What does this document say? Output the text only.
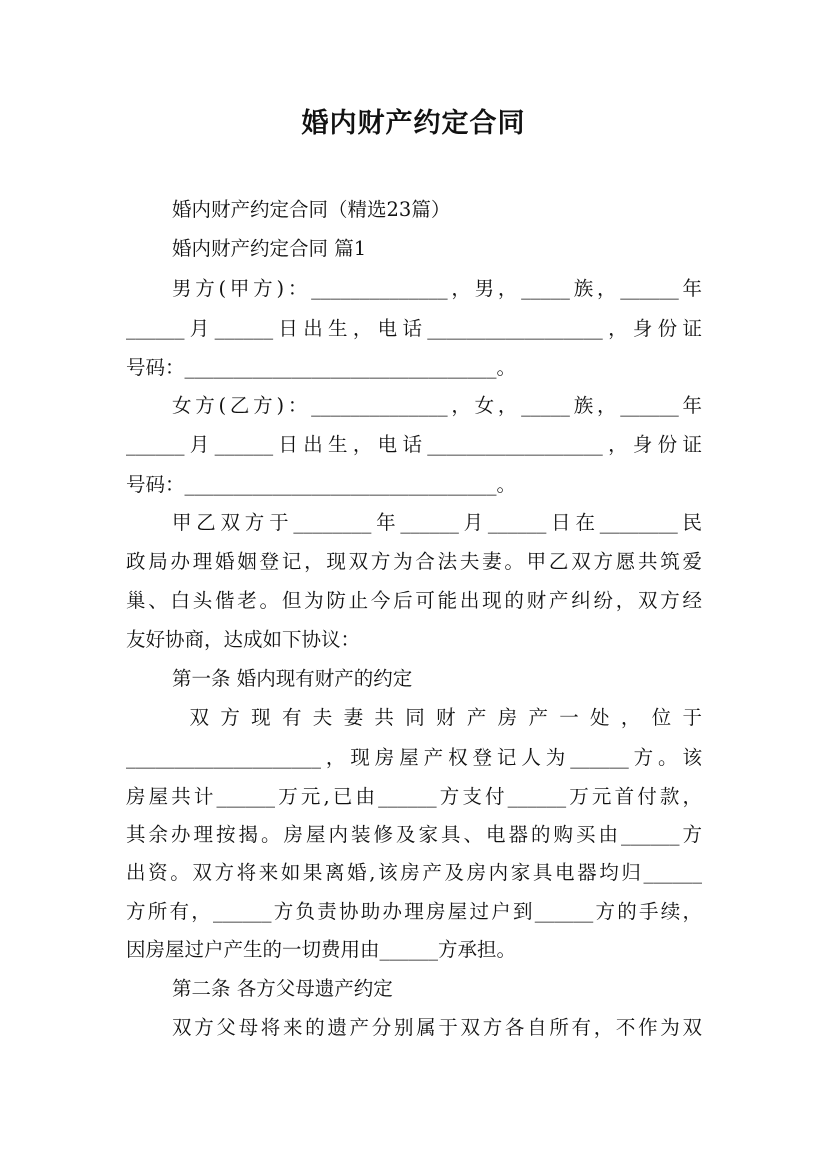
婚内财产约定合同
婚内财产约定合同（精选23篇）
婚内财产约定合同 篇1
男方(甲方)：______________，男，_____族，______年
______月______日出生，电话__________________，身份证
号码：________________________________。
女方(乙方)：______________，女，_____族，______年
______月______日出生，电话__________________，身份证
号码：________________________________。
甲乙双方于________年______月______日在________民
政局办理婚姻登记，现双方为合法夫妻。甲乙双方愿共筑爱
巢、白头偕老。但为防止今后可能出现的财产纠纷，双方经
友好协商，达成如下协议：
第一条 婚内现有财产的约定
双方现有夫妻共同财产房产一处，位于
____________________，现房屋产权登记人为______方。该
房屋共计______万元,已由______方支付______万元首付款，
其余办理按揭。房屋内装修及家具、电器的购买由______方
出资。双方将来如果离婚,该房产及房内家具电器均归______
方所有，______方负责协助办理房屋过户到______方的手续，
因房屋过户产生的一切费用由______方承担。
第二条 各方父母遗产约定
双方父母将来的遗产分别属于双方各自所有，不作为双
